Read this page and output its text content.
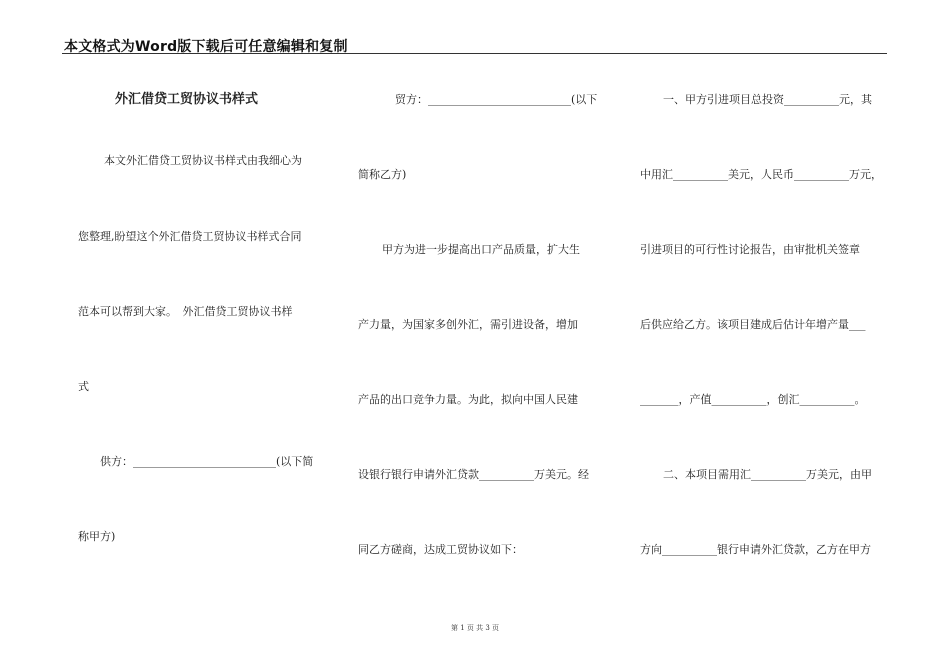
本文格式为Word版下载后可任意编辑和复制
外汇借贷工贸协议书样式
本文外汇借贷工贸协议书样式由我细心为
您整理,盼望这个外汇借贷工贸协议书样式合同
范本可以帮到大家。　外汇借贷工贸协议书样
式
供方：__________________________(以下简
称甲方)
贸方：__________________________(以下
简称乙方)
甲方为进一步提高出口产品质量，扩大生
产力量，为国家多创外汇，需引进设备，增加
产品的出口竞争力量。为此，拟向中国人民建
设银行银行申请外汇贷款__________万美元。经
同乙方磋商，达成工贸协议如下：
一、甲方引进项目总投资__________元，其
中用汇__________美元，人民币__________万元，
引进项目的可行性讨论报告，由审批机关签章
后供应给乙方。该项目建成后估计年增产量___
_______，产值__________，创汇__________。
二、本项目需用汇__________万美元，由甲
方向__________银行申请外汇贷款，乙方在甲方
第 1 页 共 3 页
